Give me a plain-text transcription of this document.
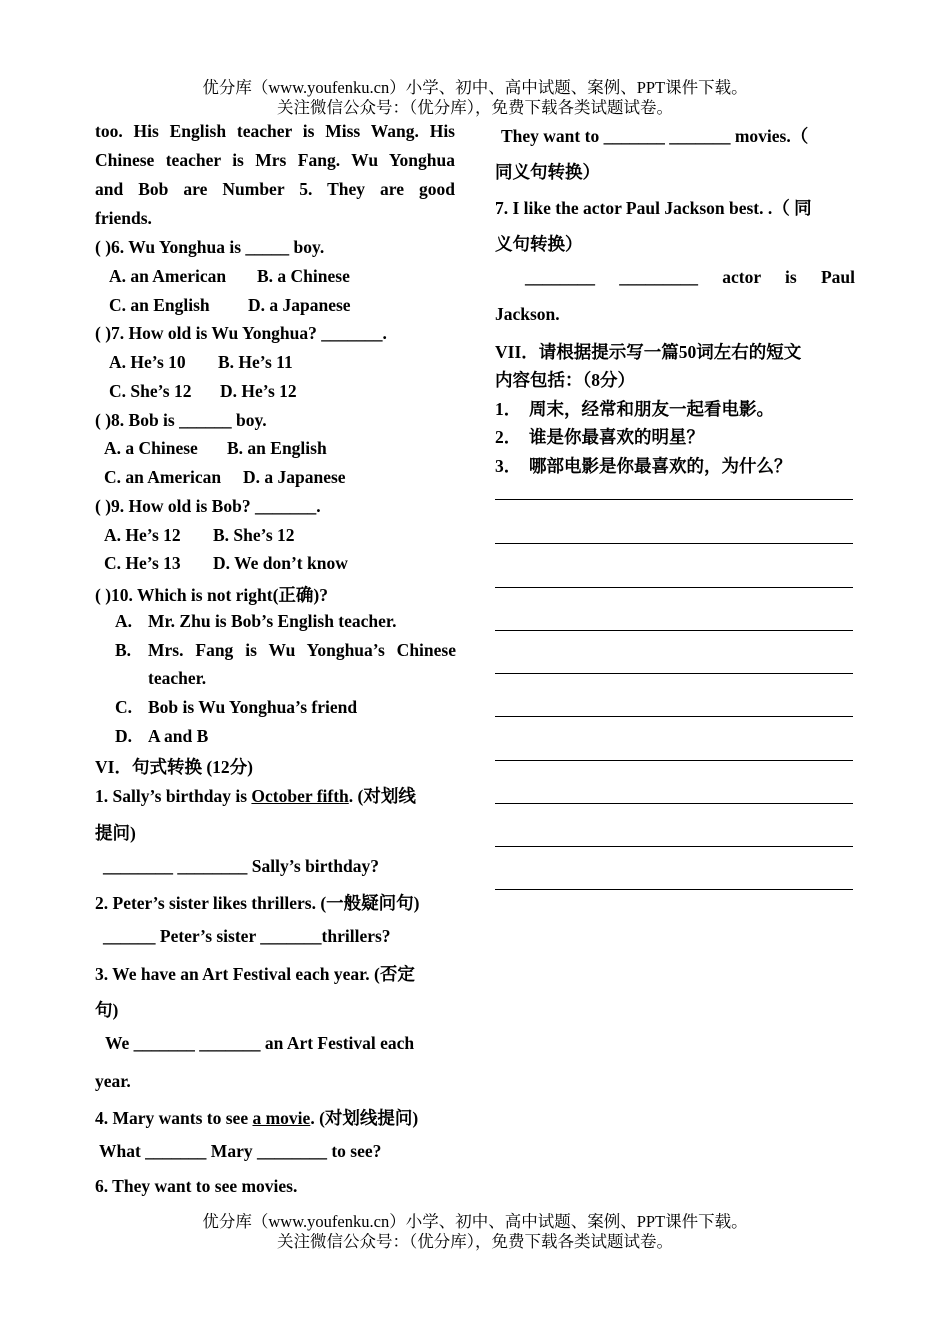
优分库（www.youfenku.cn）小学、初中、高中试题、案例、PPT课件下载。
关注微信公众号：（优分库），免费下载各类试题试卷。
too. His English teacher is Miss Wang. His
Chinese teacher is Mrs Fang. Wu Yonghua
and Bob are Number 5. They are good
friends.
( )6. Wu Yonghua is _____ boy.
A. an American B. a Chinese
C. an English D. a Japanese
( )7. How old is Wu Yonghua? _______.
A. He’s 10 B. He’s 11
C. She’s 12 D. He’s 12
( )8. Bob is ______ boy.
A. a Chinese B. an English
C. an American D. a Japanese
( )9. How old is Bob? _______.
A. He’s 12 B. She’s 12
C. He’s 13 D. We don’t know
( )10. Which is not right(正确)?
A. Mr. Zhu is Bob’s English teacher.
B. Mrs. Fang is Wu Yonghua’s Chinese
teacher.
C. Bob is Wu Yonghua’s friend
D. A and B
VI．句式转换 (12分)
1. Sally’s birthday is October fifth. (对划线
提问)
________ ________ Sally’s birthday?
2. Peter’s sister likes thrillers. (一般疑问句)
______ Peter’s sister _______thrillers?
3. We have an Art Festival each year. (否定
句)
We _______ _______ an Art Festival each
year.
4. Mary wants to see a movie. (对划线提问)
What _______ Mary ________ to see?
6. They want to see movies.
They want to _______ _______ movies.（
同义句转换）
7. I like the actor Paul Jackson best. .（ 同
义句转换）
________ _________ actor is Paul
Jackson.
VII．请根据提示写一篇50词左右的短文
内容包括：（8分）
1． 周末，经常和朋友一起看电影。
2． 谁是你最喜欢的明星？
3． 哪部电影是你最喜欢的，为什么？
优分库（www.youfenku.cn）小学、初中、高中试题、案例、PPT课件下载。
关注微信公众号：（优分库），免费下载各类试题试卷。
